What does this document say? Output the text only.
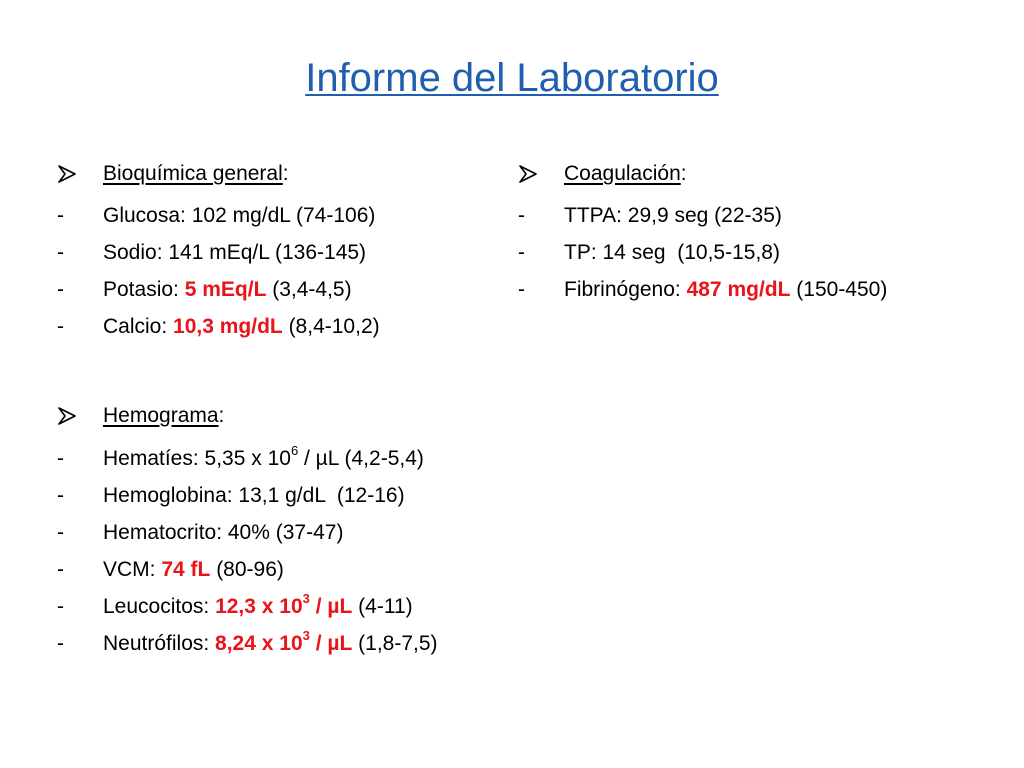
Informe del Laboratorio
Bioquímica general:
- Glucosa: 102 mg/dL (74-106)
- Sodio: 141 mEq/L (136-145)
- Potasio: 5 mEq/L (3,4-4,5)
- Calcio: 10,3 mg/dL (8,4-10,2)
Coagulación:
- TTPA: 29,9 seg (22-35)
- TP: 14 seg  (10,5-15,8)
- Fibrinógeno: 487 mg/dL (150-450)
Hemograma:
- Hematíes: 5,35 x $10^6$ / µL (4,2-5,4)
- Hemoglobina: 13,1 g/dL  (12-16)
- Hematocrito: 40% (37-47)
- VCM: 74 fL (80-96)
- Leucocitos: 12,3 x $10^3$ / µL (4-11)
- Neutrófilos: 8,24 x $10^3$ / µL (1,8-7,5)
